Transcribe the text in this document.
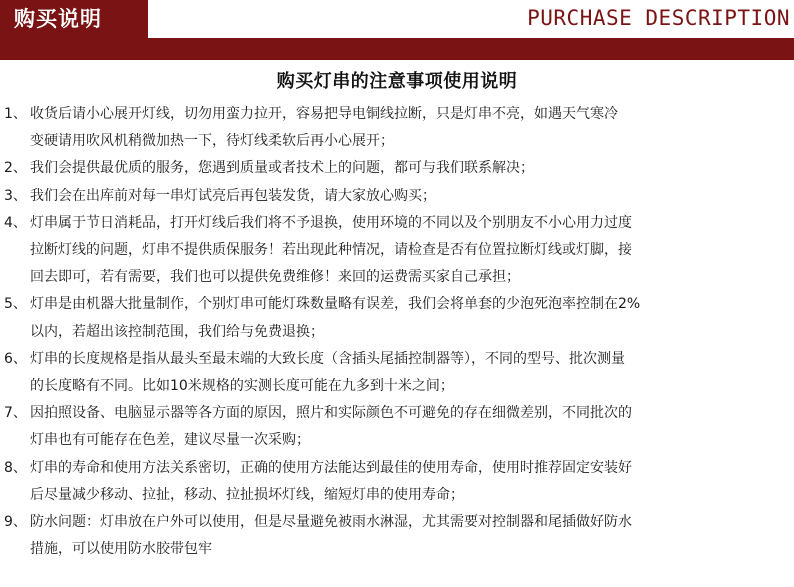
购买说明	PURCHASE DESCRIPTION
购买灯串的注意事项使用说明
1、 收货后请小心展开灯线，切勿用蛮力拉开，容易把导电铜线拉断，只是灯串不亮，如遇天气寒冷
变硬请用吹风机稍微加热一下，待灯线柔软后再小心展开；
2、 我们会提供最优质的服务，您遇到质量或者技术上的问题，都可与我们联系解决；
3、 我们会在出库前对每一串灯试亮后再包装发货，请大家放心购买；
4、 灯串属于节日消耗品，打开灯线后我们将不予退换，使用环境的不同以及个别朋友不小心用力过度
拉断灯线的问题，灯串不提供质保服务！若出现此种情况，请检查是否有位置拉断灯线或灯脚，接
回去即可，若有需要，我们也可以提供免费维修！来回的运费需买家自己承担；
5、 灯串是由机器大批量制作，个别灯串可能灯珠数量略有误差，我们会将单套的少泡死泡率控制在2%
以内，若超出该控制范围，我们给与免费退换；
6、 灯串的长度规格是指从最头至最末端的大致长度（含插头尾插控制器等），不同的型号、批次测量
的长度略有不同。比如10米规格的实测长度可能在九多到十米之间；
7、 因拍照设备、电脑显示器等各方面的原因，照片和实际颜色不可避免的存在细微差别，不同批次的
灯串也有可能存在色差，建议尽量一次采购；
8、 灯串的寿命和使用方法关系密切，正确的使用方法能达到最佳的使用寿命，使用时推荐固定安装好
后尽量减少移动、拉扯，移动、拉扯损坏灯线，缩短灯串的使用寿命；
9、 防水问题：灯串放在户外可以使用，但是尽量避免被雨水淋湿，尤其需要对控制器和尾插做好防水
措施，可以使用防水胶带包牢
